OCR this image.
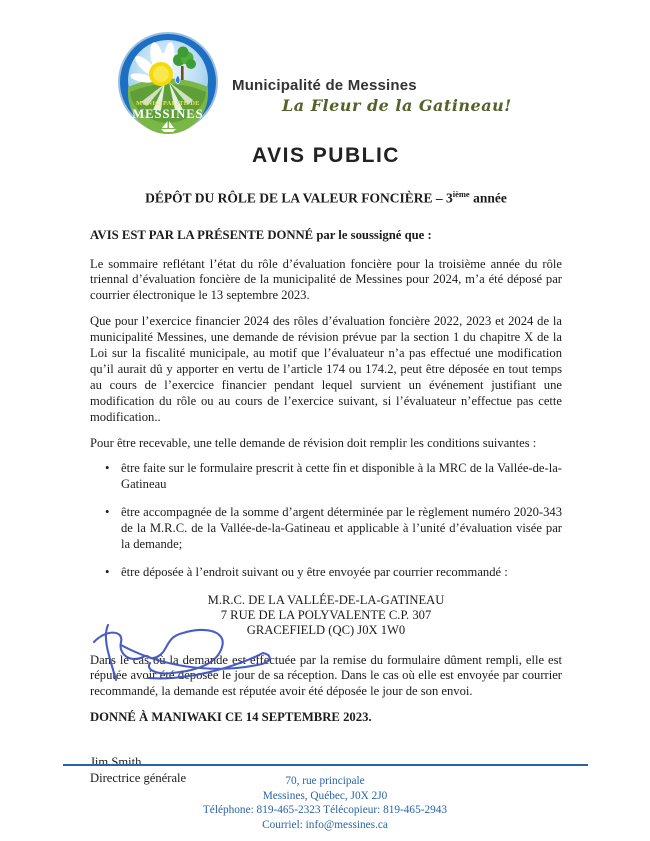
MUNICIPALITÉ DE
MESSINES
Municipalité de Messines
La Fleur de la Gatineau!
AVIS PUBLIC
DÉPÔT DU RÔLE DE LA VALEUR FONCIÈRE – 3ième année
AVIS EST PAR LA PRÉSENTE DONNÉ par le soussigné que :

Le sommaire reflétant l’état du rôle d’évaluation foncière pour la troisième année du rôle triennal d’évaluation foncière de la municipalité de Messines pour 2024, m’a été déposé par courrier électronique le 13 septembre 2023.

Que pour l’exercice financier 2024 des rôles d’évaluation foncière 2022, 2023 et 2024 de la municipalité Messines, une demande de révision prévue par la section 1 du chapitre X de la Loi sur la fiscalité municipale, au motif que l’évaluateur n’a pas effectué une modification qu’il aurait dû y apporter en vertu de l’article 174 ou 174.2, peut être déposée en tout temps au cours de l’exercice financier pendant lequel survient un événement justifiant une modification du rôle ou au cours de l’exercice suivant, si l’évaluateur n’effectue pas cette modification..

Pour être recevable, une telle demande de révision doit remplir les conditions suivantes :

• être faite sur le formulaire prescrit à cette fin et disponible à la MRC de la Vallée-de-la-Gatineau
• être accompagnée de la somme d’argent déterminée par le règlement numéro 2020-343 de la M.R.C. de la Vallée-de-la-Gatineau et applicable à l’unité d’évaluation visée par la demande;
• être déposée à l’endroit suivant ou y être envoyée par courrier recommandé :
M.R.C. DE LA VALLÉE-DE-LA-GATINEAU
7 RUE DE LA POLYVALENTE C.P. 307
GRACEFIELD (QC) J0X 1W0

Dans le cas où la demande est effectuée par la remise du formulaire dûment rempli, elle est réputée avoir été déposée le jour de sa réception. Dans le cas où elle est envoyée par courrier recommandé, la demande est réputée avoir été déposée le jour de son envoi.

DONNÉ À MANIWAKI CE 14 SEPTEMBRE 2023.
Jim Smith
Directrice générale	70, rue principale
Messines, Québec, J0X 2J0
Téléphone: 819-465-2323 Télécopieur: 819-465-2943
Courriel: info@messines.ca
